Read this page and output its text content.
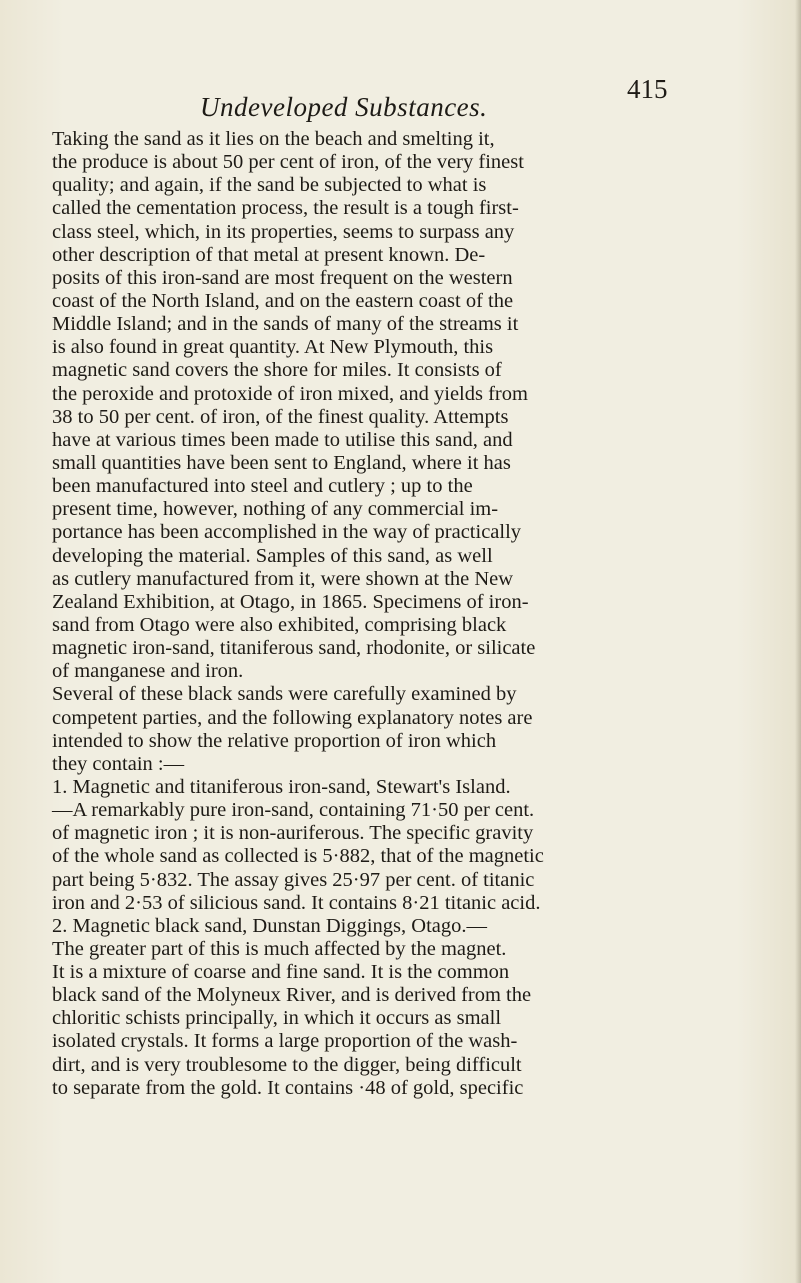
Undeveloped Substances.
415
Taking the sand as it lies on the beach and smelting it,
the produce is about 50 per cent of iron, of the very finest
quality; and again, if the sand be subjected to what is
called the cementation process, the result is a tough first-
class steel, which, in its properties, seems to surpass any
other description of that metal at present known. De-
posits of this iron-sand are most frequent on the western
coast of the North Island, and on the eastern coast of the
Middle Island; and in the sands of many of the streams it
is also found in great quantity. At New Plymouth, this
magnetic sand covers the shore for miles. It consists of
the peroxide and protoxide of iron mixed, and yields from
38 to 50 per cent. of iron, of the finest quality. Attempts
have at various times been made to utilise this sand, and
small quantities have been sent to England, where it has
been manufactured into steel and cutlery ; up to the
present time, however, nothing of any commercial im-
portance has been accomplished in the way of practically
developing the material. Samples of this sand, as well
as cutlery manufactured from it, were shown at the New
Zealand Exhibition, at Otago, in 1865. Specimens of iron-
sand from Otago were also exhibited, comprising black
magnetic iron-sand, titaniferous sand, rhodonite, or silicate
of manganese and iron.
Several of these black sands were carefully examined by
competent parties, and the following explanatory notes are
intended to show the relative proportion of iron which
they contain :—
1. Magnetic and titaniferous iron-sand, Stewart's Island.
—A remarkably pure iron-sand, containing 71·50 per cent.
of magnetic iron ; it is non-auriferous. The specific gravity
of the whole sand as collected is 5·882, that of the magnetic
part being 5·832. The assay gives 25·97 per cent. of titanic
iron and 2·53 of silicious sand. It contains 8·21 titanic acid.
2. Magnetic black sand, Dunstan Diggings, Otago.—
The greater part of this is much affected by the magnet.
It is a mixture of coarse and fine sand. It is the common
black sand of the Molyneux River, and is derived from the
chloritic schists principally, in which it occurs as small
isolated crystals. It forms a large proportion of the wash-
dirt, and is very troublesome to the digger, being difficult
to separate from the gold. It contains ·48 of gold, specific
